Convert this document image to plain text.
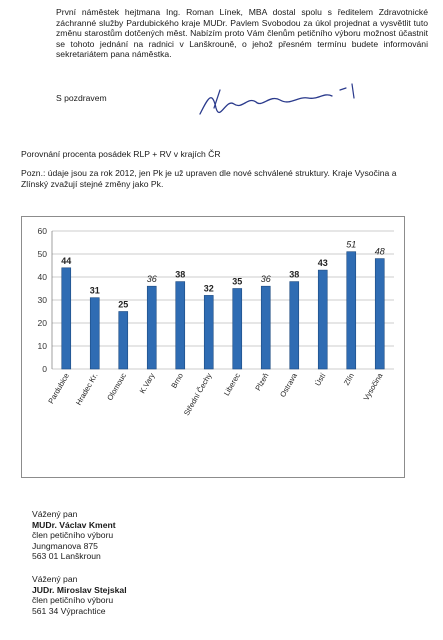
První náměstek hejtmana Ing. Roman Línek, MBA dostal spolu s ředitelem Zdravotnické záchranné služby Pardubického kraje MUDr. Pavlem Svobodou za úkol projednat a vysvětlit tuto změnu starostům dotčených měst. Nabízím proto Vám členům petičního výboru možnost účastnit se tohoto jednání na radnici v Lanškrouně, o jehož přesném termínu budete informováni sekretariátem pana náměstka.
S pozdravem
Porovnání procenta posádek RLP + RV v krajích ČR
Pozn.: údaje jsou za rok 2012, jen Pk je už upraven dle nové schválené struktury. Kraje Vysočina a Zlínský zvažují stejné změny jako Pk.
0
10
20
30
40
50
60
44
Pardubice
31
Hradec Kr.
25
Olomouc
36
K.Vary
38
Brno
32
Střední Čechy
35
Liberec
36
Plzeň
38
Ostrava
43
Ústí
51
Zlín
48
Vysočina
Vážený pan
MUDr. Václav Kment
člen petičního výboru
Jungmanova 875
563 01 Lanškroun
Vážený pan
JUDr. Miroslav Stejskal
člen petičního výboru
561 34 Výprachtice
